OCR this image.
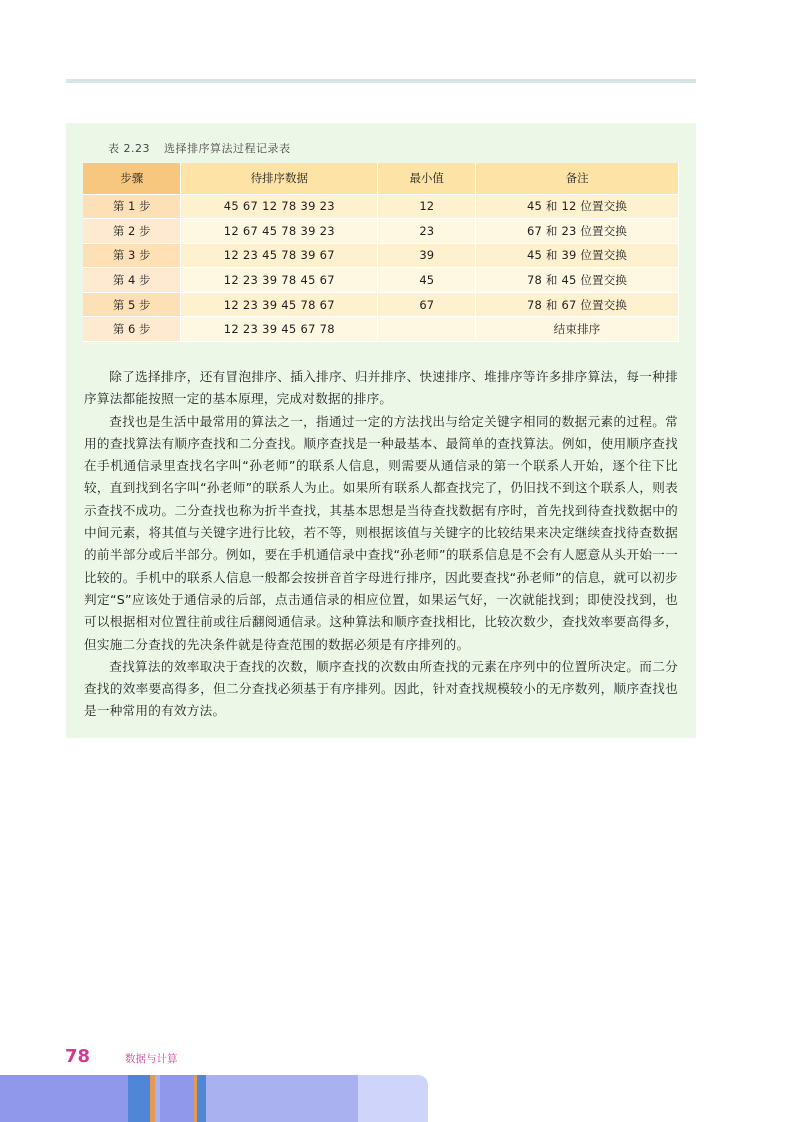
表 2.23 选择排序算法过程记录表
步骤	待排序数据	最小值	备注
第 1 步	45 67 12 78 39 23	12	45 和 12 位置交换
第 2 步	12 67 45 78 39 23	23	67 和 23 位置交换
第 3 步	12 23 45 78 39 67	39	45 和 39 位置交换
第 4 步	12 23 39 78 45 67	45	78 和 45 位置交换
第 5 步	12 23 39 45 78 67	67	78 和 67 位置交换
第 6 步	12 23 39 45 67 78		结束排序

除了选择排序，还有冒泡排序、插入排序、归并排序、快速排序、堆排序等许多排序算法，每一种排序算法都能按照一定的基本原理，完成对数据的排序。

查找也是生活中最常用的算法之一，指通过一定的方法找出与给定关键字相同的数据元素的过程。常用的查找算法有顺序查找和二分查找。顺序查找是一种最基本、最简单的查找算法。例如，使用顺序查找在手机通信录里查找名字叫“孙老师”的联系人信息，则需要从通信录的第一个联系人开始，逐个往下比较，直到找到名字叫“孙老师”的联系人为止。如果所有联系人都查找完了，仍旧找不到这个联系人，则表示查找不成功。二分查找也称为折半查找，其基本思想是当待查找数据有序时，首先找到待查找数据中的中间元素，将其值与关键字进行比较，若不等，则根据该值与关键字的比较结果来决定继续查找待查数据的前半部分或后半部分。例如，要在手机通信录中查找“孙老师”的联系信息是不会有人愿意从头开始一一比较的。手机中的联系人信息一般都会按拼音首字母进行排序，因此要查找“孙老师”的信息，就可以初步判定“S”应该处于通信录的后部，点击通信录的相应位置，如果运气好，一次就能找到；即使没找到，也可以根据相对位置往前或往后翻阅通信录。这种算法和顺序查找相比，比较次数少，查找效率要高得多，但实施二分查找的先决条件就是待查范围的数据必须是有序排列的。

查找算法的效率取决于查找的次数，顺序查找的次数由所查找的元素在序列中的位置所决定。而二分查找的效率要高得多，但二分查找必须基于有序排列。因此，针对查找规模较小的无序数列，顺序查找也是一种常用的有效方法。

78	数据与计算
